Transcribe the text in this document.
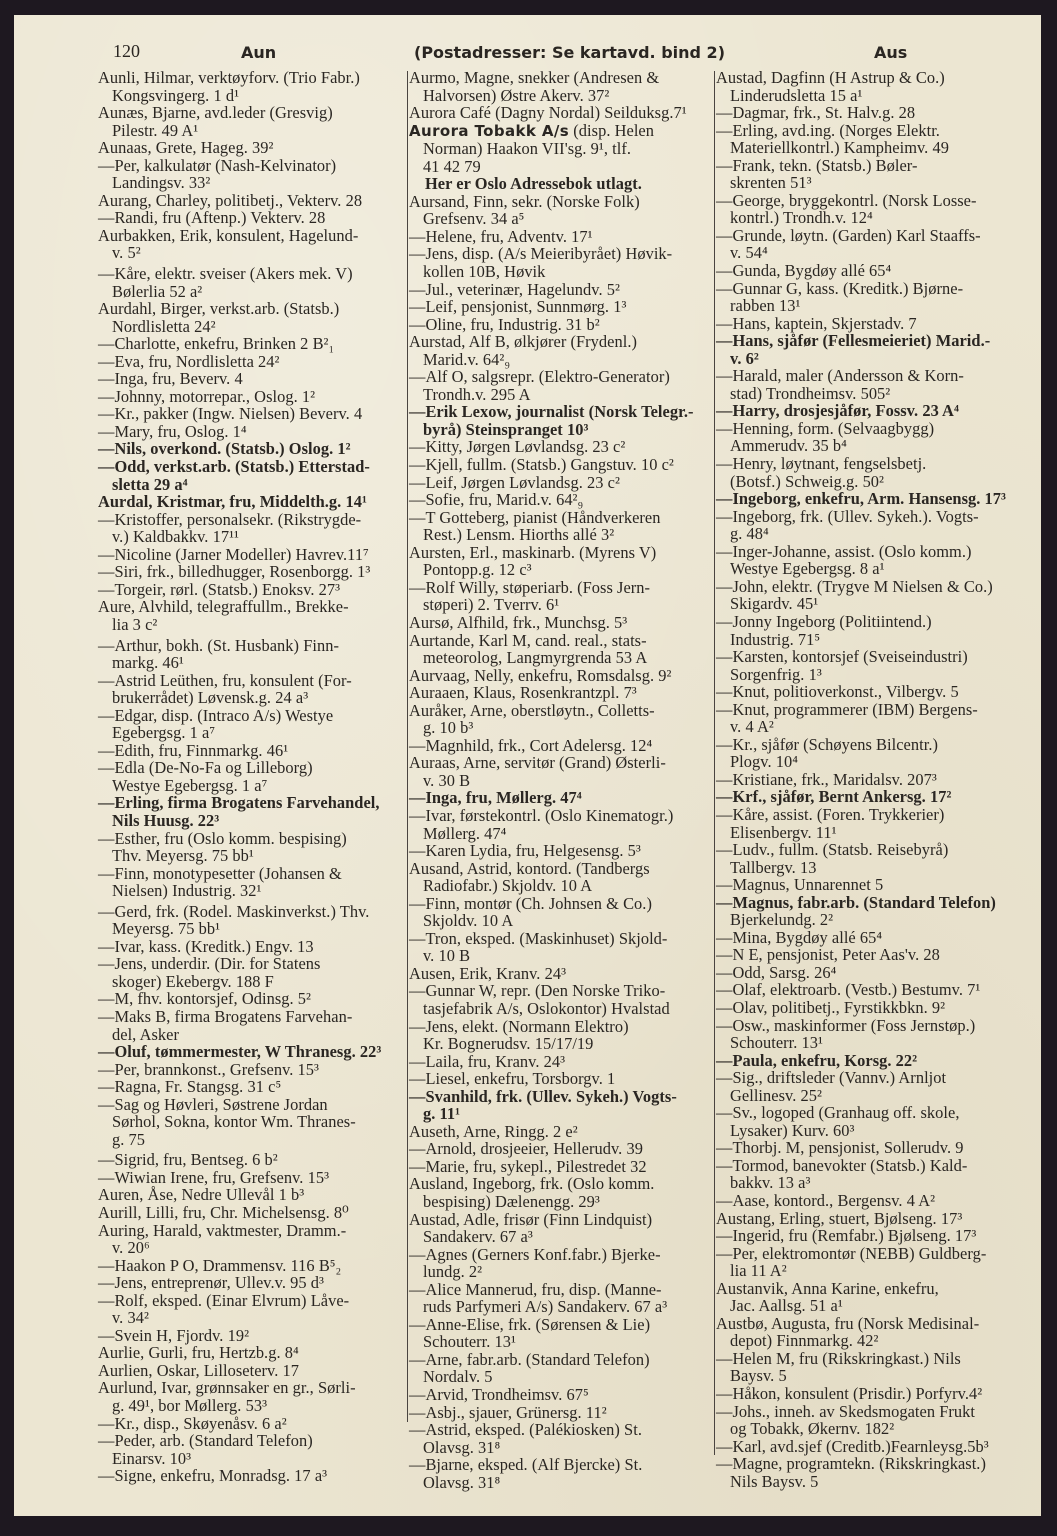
120	Aun	(Postadresser: Se kartavd. bind 2)	Aus
Aunli, Hilmar, verktøyforv. (Trio Fabr.)
Kongsvingerg. 1 d¹
Aunæs, Bjarne, avd.leder (Gresvig)
Pilestr. 49 A¹
Aunaas, Grete, Hageg. 39²
—Per, kalkulatør (Nash-Kelvinator)
Landingsv. 33²
Aurang, Charley, politibetj., Vekterv. 28
—Randi, fru (Aftenp.) Vekterv. 28
Aurbakken, Erik, konsulent, Hagelund-
v. 5²
—Kåre, elektr. sveiser (Akers mek. V)
Bølerlia 52 a²
Aurdahl, Birger, verkst.arb. (Statsb.)
Nordlisletta 24²
—Charlotte, enkefru, Brinken 2 B²₁
—Eva, fru, Nordlisletta 24²
—Inga, fru, Beverv. 4
—Johnny, motorrepar., Oslog. 1²
—Kr., pakker (Ingw. Nielsen) Beverv. 4
—Mary, fru, Oslog. 1⁴
—Nils, overkond. (Statsb.) Oslog. 1²
—Odd, verkst.arb. (Statsb.) Etterstad-
sletta 29 a⁴
Aurdal, Kristmar, fru, Middelth.g. 14¹
—Kristoffer, personalsekr. (Rikstrygde-
v.) Kaldbakkv. 17¹¹
—Nicoline (Jarner Modeller) Havrev.11⁷
—Siri, frk., billedhugger, Rosenborgg. 1³
—Torgeir, rørl. (Statsb.) Enoksv. 27³
Aure, Alvhild, telegraffullm., Brekke-
lia 3 c²
—Arthur, bokh. (St. Husbank) Finn-
markg. 46¹
—Astrid Leüthen, fru, konsulent (For-
brukerrådet) Løvensk.g. 24 a³
—Edgar, disp. (Intraco A/s) Westye
Egebergsg. 1 a⁷
—Edith, fru, Finnmarkg. 46¹
—Edla (De-No-Fa og Lilleborg)
Westye Egebergsg. 1 a⁷
—Erling, firma Brogatens Farvehandel,
Nils Huusg. 22³
—Esther, fru (Oslo komm. bespising)
Thv. Meyersg. 75 bb¹
—Finn, monotypesetter (Johansen &
Nielsen) Industrig. 32¹
—Gerd, frk. (Rodel. Maskinverkst.) Thv.
Meyersg. 75 bb¹
—Ivar, kass. (Kreditk.) Engv. 13
—Jens, underdir. (Dir. for Statens
skoger) Ekebergv. 188 F
—M, fhv. kontorsjef, Odinsg. 5²
—Maks B, firma Brogatens Farvehan-
del, Asker
—Oluf, tømmermester, W Thranesg. 22³
—Per, brannkonst., Grefsenv. 15³
—Ragna, Fr. Stangsg. 31 c⁵
—Sag og Høvleri, Søstrene Jordan
Sørhol, Sokna, kontor Wm. Thranes-
g. 75
—Sigrid, fru, Bentseg. 6 b²
—Wiwian Irene, fru, Grefsenv. 15³
Auren, Åse, Nedre Ullevål 1 b³
Aurill, Lilli, fru, Chr. Michelsensg. 8⁰
Auring, Harald, vaktmester, Dramm.-
v. 20⁶
—Haakon P O, Drammensv. 116 B⁵₂
—Jens, entreprenør, Ullev.v. 95 d³
—Rolf, eksped. (Einar Elvrum) Låve-
v. 34²
—Svein H, Fjordv. 19²
Aurlie, Gurli, fru, Hertzb.g. 8⁴
Aurlien, Oskar, Lilloseterv. 17
Aurlund, Ivar, grønnsaker en gr., Sørli-
g. 49¹, bor Møllerg. 53³
—Kr., disp., Skøyenåsv. 6 a²
—Peder, arb. (Standard Telefon)
Einarsv. 10³
—Signe, enkefru, Monradsg. 17 a³
Aurmo, Magne, snekker (Andresen &
Halvorsen) Østre Akerv. 37²
Aurora Café (Dagny Nordal) Seilduksg.7¹
Aurora Tobakk A/s (disp. Helen
Norman) Haakon VII'sg. 9¹, tlf.
41 42 79
Her er Oslo Adressebok utlagt.
Aursand, Finn, sekr. (Norske Folk)
Grefsenv. 34 a⁵
—Helene, fru, Adventv. 17¹
—Jens, disp. (A/s Meieribyrået) Høvik-
kollen 10B, Høvik
—Jul., veterinær, Hagelundv. 5²
—Leif, pensjonist, Sunnmørg. 1³
—Oline, fru, Industrig. 31 b²
Aurstad, Alf B, ølkjører (Frydenl.)
Marid.v. 64²₉
—Alf O, salgsrepr. (Elektro-Generator)
Trondh.v. 295 A
—Erik Lexow, journalist (Norsk Telegr.-
byrå) Steinspranget 10³
—Kitty, Jørgen Løvlandsg. 23 c²
—Kjell, fullm. (Statsb.) Gangstuv. 10 c²
—Leif, Jørgen Løvlandsg. 23 c²
—Sofie, fru, Marid.v. 64²₉
—T Gotteberg, pianist (Håndverkeren
Rest.) Lensm. Hiorths allé 3²
Aursten, Erl., maskinarb. (Myrens V)
Pontopp.g. 12 c³
—Rolf Willy, støperiarb. (Foss Jern-
støperi) 2. Tverrv. 6¹
Aursø, Alfhild, frk., Munchsg. 5³
Aurtande, Karl M, cand. real., stats-
meteorolog, Langmyrgrenda 53 A
Aurvaag, Nelly, enkefru, Romsdalsg. 9²
Auraaen, Klaus, Rosenkrantzpl. 7³
Auråker, Arne, oberstløytn., Colletts-
g. 10 b³
—Magnhild, frk., Cort Adelersg. 12⁴
Auraas, Arne, servitør (Grand) Østerli-
v. 30 B
—Inga, fru, Møllerg. 47⁴
—Ivar, førstekontrl. (Oslo Kinematogr.)
Møllerg. 47⁴
—Karen Lydia, fru, Helgesensg. 5³
Ausand, Astrid, kontord. (Tandbergs
Radiofabr.) Skjoldv. 10 A
—Finn, montør (Ch. Johnsen & Co.)
Skjoldv. 10 A
—Tron, eksped. (Maskinhuset) Skjold-
v. 10 B
Ausen, Erik, Kranv. 24³
—Gunnar W, repr. (Den Norske Triko-
tasjefabrik A/s, Oslokontor) Hvalstad
—Jens, elekt. (Normann Elektro)
Kr. Bognerudsv. 15/17/19
—Laila, fru, Kranv. 24³
—Liesel, enkefru, Torsborgv. 1
—Svanhild, frk. (Ullev. Sykeh.) Vogts-
g. 11¹
Auseth, Arne, Ringg. 2 e²
—Arnold, drosjeeier, Hellerudv. 39
—Marie, fru, sykepl., Pilestredet 32
Ausland, Ingeborg, frk. (Oslo komm.
bespising) Dælenengg. 29³
Austad, Adle, frisør (Finn Lindquist)
Sandakerv. 67 a³
—Agnes (Gerners Konf.fabr.) Bjerke-
lundg. 2²
—Alice Mannerud, fru, disp. (Manne-
ruds Parfymeri A/s) Sandakerv. 67 a³
—Anne-Elise, frk. (Sørensen & Lie)
Schouterr. 13¹
—Arne, fabr.arb. (Standard Telefon)
Nordalv. 5
—Arvid, Trondheimsv. 67⁵
—Asbj., sjauer, Grünersg. 11²
—Astrid, eksped. (Palékiosken) St.
Olavsg. 31⁸
—Bjarne, eksped. (Alf Bjercke) St.
Olavsg. 31⁸
Austad, Dagfinn (H Astrup & Co.)
Linderudsletta 15 a¹
—Dagmar, frk., St. Halv.g. 28
—Erling, avd.ing. (Norges Elektr.
Materiellkontrl.) Kampheimv. 49
—Frank, tekn. (Statsb.) Bøler-
skrenten 51³
—George, bryggekontrl. (Norsk Losse-
kontrl.) Trondh.v. 12⁴
—Grunde, løytn. (Garden) Karl Staaffs-
v. 54⁴
—Gunda, Bygdøy allé 65⁴
—Gunnar G, kass. (Kreditk.) Bjørne-
rabben 13¹
—Hans, kaptein, Skjerstadv. 7
—Hans, sjåfør (Fellesmeieriet) Marid.-
v. 6²
—Harald, maler (Andersson & Korn-
stad) Trondheimsv. 505²
—Harry, drosjesjåfør, Fossv. 23 A⁴
—Henning, form. (Selvaagbygg)
Ammerudv. 35 b⁴
—Henry, løytnant, fengselsbetj.
(Botsf.) Schweig.g. 50²
—Ingeborg, enkefru, Arm. Hansensg. 17³
—Ingeborg, frk. (Ullev. Sykeh.). Vogts-
g. 48⁴
—Inger-Johanne, assist. (Oslo komm.)
Westye Egebergsg. 8 a¹
—John, elektr. (Trygve M Nielsen & Co.)
Skigardv. 45¹
—Jonny Ingeborg (Politiintend.)
Industrig. 71⁵
—Karsten, kontorsjef (Sveiseindustri)
Sorgenfrig. 1³
—Knut, politioverkonst., Vilbergv. 5
—Knut, programmerer (IBM) Bergens-
v. 4 A²
—Kr., sjåfør (Schøyens Bilcentr.)
Plogv. 10⁴
—Kristiane, frk., Maridalsv. 207³
—Krf., sjåfør, Bernt Ankersg. 17²
—Kåre, assist. (Foren. Trykkerier)
Elisenbergv. 11¹
—Ludv., fullm. (Statsb. Reisebyrå)
Tallbergv. 13
—Magnus, Unnarennet 5
—Magnus, fabr.arb. (Standard Telefon)
Bjerkelundg. 2²
—Mina, Bygdøy allé 65⁴
—N E, pensjonist, Peter Aas'v. 28
—Odd, Sarsg. 26⁴
—Olaf, elektroarb. (Vestb.) Bestumv. 7¹
—Olav, politibetj., Fyrstikkbkn. 9²
—Osw., maskinformer (Foss Jernstøp.)
Schouterr. 13¹
—Paula, enkefru, Korsg. 22²
—Sig., driftsleder (Vannv.) Arnljot
Gellinesv. 25²
—Sv., logoped (Granhaug off. skole,
Lysaker) Kurv. 60³
—Thorbj. M, pensjonist, Sollerudv. 9
—Tormod, banevokter (Statsb.) Kald-
bakkv. 13 a³
—Aase, kontord., Bergensv. 4 A²
Austang, Erling, stuert, Bjølseng. 17³
—Ingerid, fru (Remfabr.) Bjølseng. 17³
—Per, elektromontør (NEBB) Guldberg-
lia 11 A²
Austanvik, Anna Karine, enkefru,
Jac. Aallsg. 51 a¹
Austbø, Augusta, fru (Norsk Medisinal-
depot) Finnmarkg. 42²
—Helen M, fru (Rikskringkast.) Nils
Baysv. 5
—Håkon, konsulent (Prisdir.) Porfyrv.4²
—Johs., inneh. av Skedsmogaten Frukt
og Tobakk, Økernv. 182²
—Karl, avd.sjef (Creditb.)Fearnleysg.5b³
—Magne, programtekn. (Rikskringkast.)
Nils Baysv. 5
